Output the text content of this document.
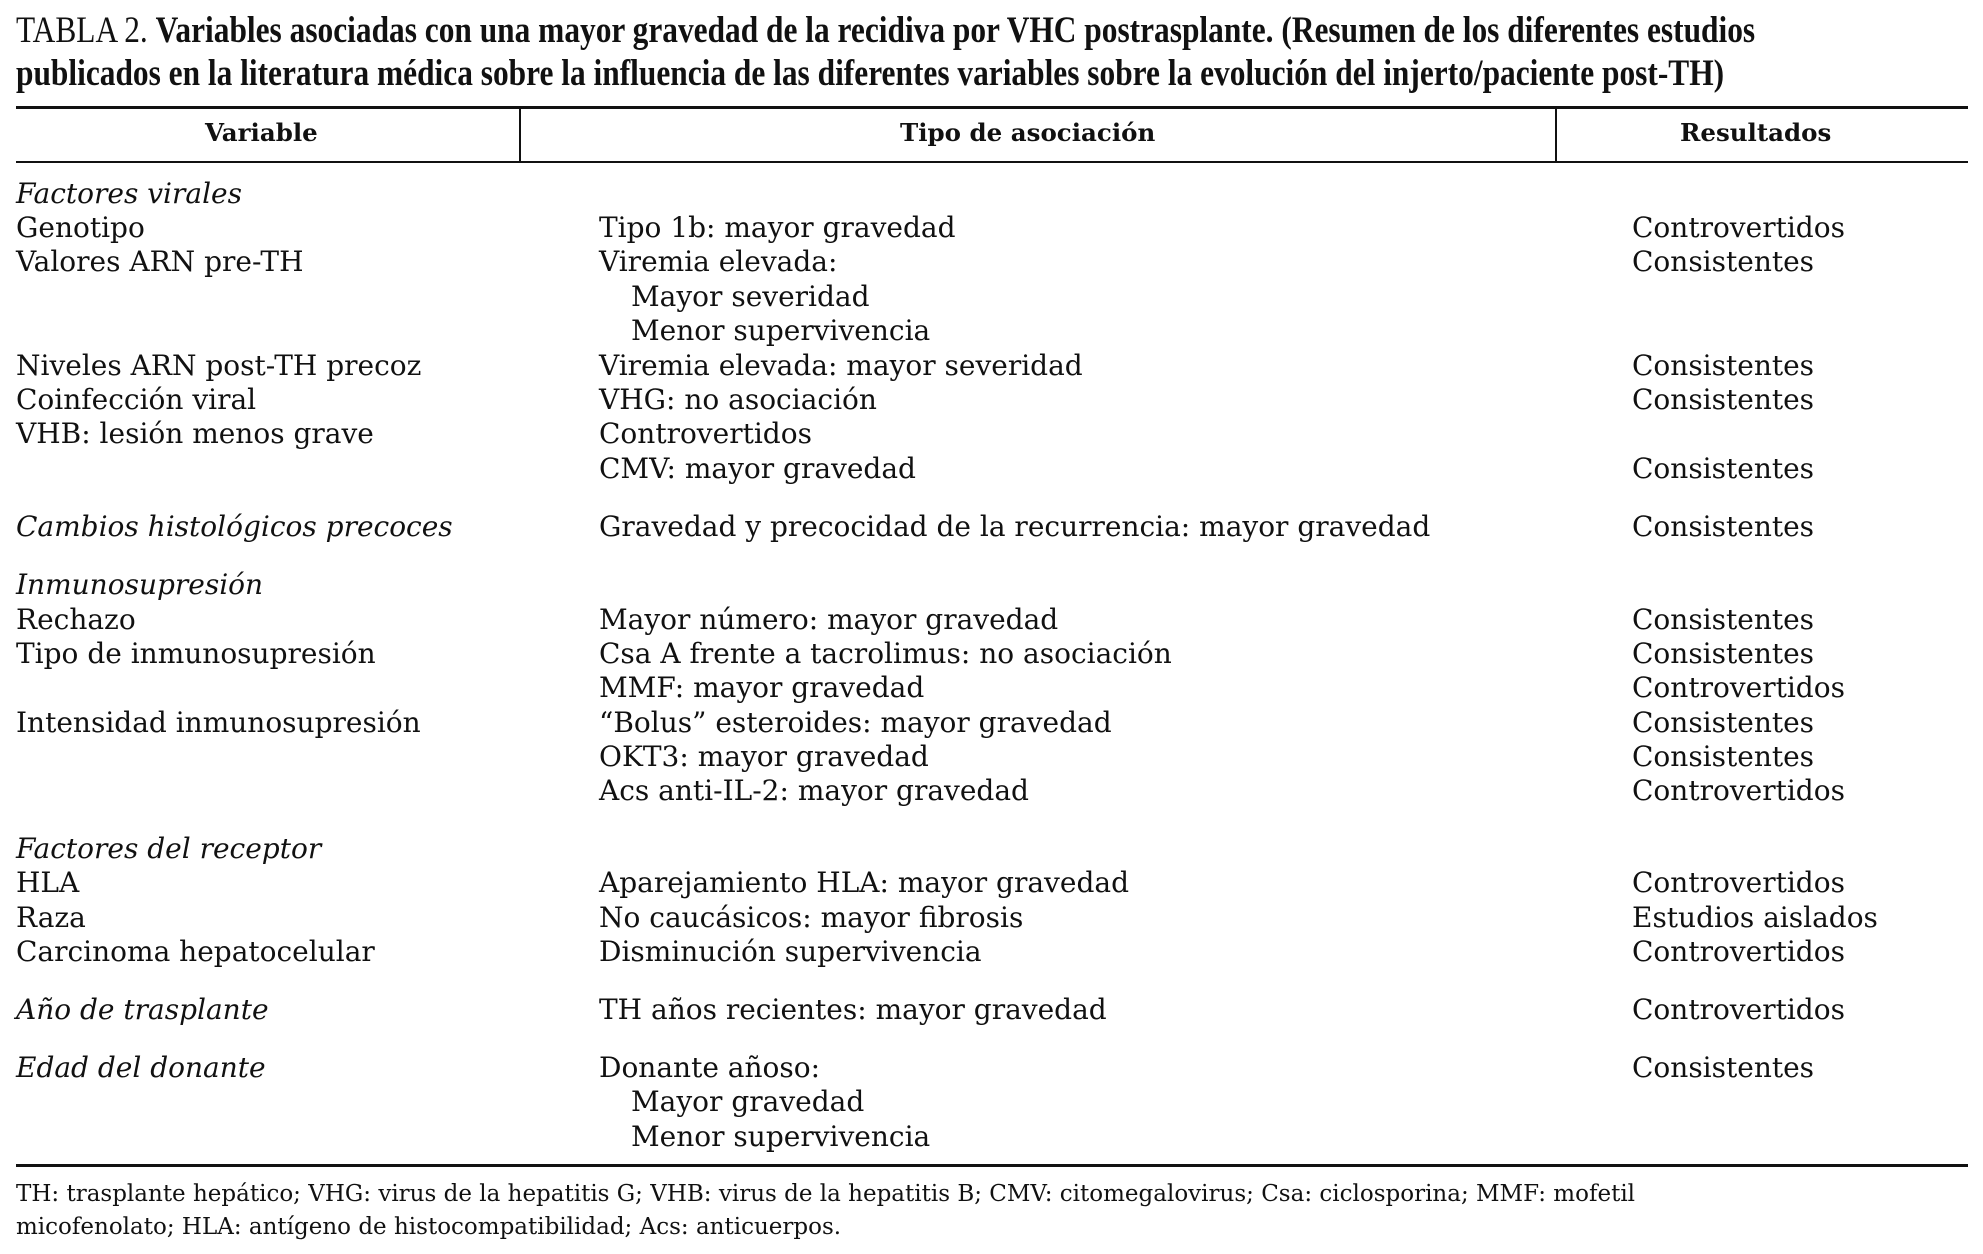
TABLA 2. Variables asociadas con una mayor gravedad de la recidiva por VHC postrasplante. (Resumen de los diferentes estudios
publicados en la literatura médica sobre la influencia de las diferentes variables sobre la evolución del injerto/paciente post-TH)
Variable	Tipo de asociación	Resultados
Factores virales
Genotipo
Valores ARN pre-TH
Niveles ARN post-TH precoz
Coinfección viral
VHB: lesión menos grave
Cambios histológicos precoces
Inmunosupresión
Rechazo
Tipo de inmunosupresión
Intensidad inmunosupresión
Factores del receptor
HLA
Raza
Carcinoma hepatocelular
Año de trasplante
Edad del donante
Tipo 1b: mayor gravedad
Viremia elevada:
Mayor severidad
Menor supervivencia
Viremia elevada: mayor severidad
VHG: no asociación
Controvertidos
CMV: mayor gravedad
Gravedad y precocidad de la recurrencia: mayor gravedad
Mayor número: mayor gravedad
Csa A frente a tacrolimus: no asociación
MMF: mayor gravedad
“Bolus” esteroides: mayor gravedad
OKT3: mayor gravedad
Acs anti-IL-2: mayor gravedad
Aparejamiento HLA: mayor gravedad
No caucásicos: mayor fibrosis
Disminución supervivencia
TH años recientes: mayor gravedad
Donante añoso:
Mayor gravedad
Menor supervivencia
Controvertidos
Consistentes
Consistentes
Consistentes
Consistentes
Consistentes
Consistentes
Consistentes
Controvertidos
Consistentes
Consistentes
Controvertidos
Controvertidos
Estudios aislados
Controvertidos
Controvertidos
Consistentes
TH: trasplante hepático; VHG: virus de la hepatitis G; VHB: virus de la hepatitis B; CMV: citomegalovirus; Csa: ciclosporina; MMF: mofetil
micofenolato; HLA: antígeno de histocompatibilidad; Acs: anticuerpos.
